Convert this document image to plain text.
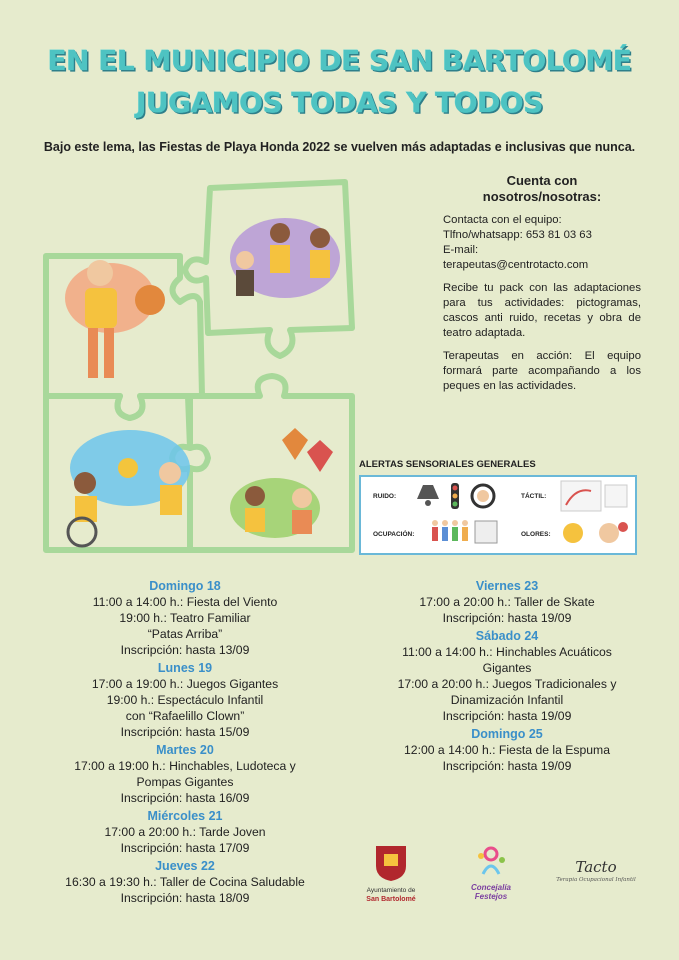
EN EL MUNICIPIO DE SAN BARTOLOMÉ
JUGAMOS TODAS Y TODOS
Bajo este lema, las Fiestas de Playa Honda 2022 se vuelven más adaptadas e inclusivas que nunca.
Cuenta con
nosotros/nosotras:

Contacta con el equipo:
Tlfno/whatsapp: 653 81 03 63
E-mail:
terapeutas@centrotacto.com

Recibe tu pack con las adaptaciones para tus actividades: pictogramas, cascos anti ruido, recetas y obra de teatro adaptada.

Terapeutas en acción: El equipo formará parte acompañando a los peques en las actividades.

ALERTAS SENSORIALES GENERALES
RUIDO:	TÁCTIL:
OCUPACIÓN:	OLORES:
Domingo 18
11:00 a 14:00 h.: Fiesta del Viento
19:00 h.: Teatro Familiar
“Patas Arriba”
Inscripción: hasta 13/09
Lunes 19
17:00 a 19:00 h.: Juegos Gigantes
19:00 h.: Espectáculo Infantil
con “Rafaelillo Clown”
Inscripción: hasta 15/09
Martes 20
17:00 a 19:00 h.: Hinchables, Ludoteca y
Pompas Gigantes
Inscripción: hasta 16/09
Miércoles 21
17:00 a 20:00 h.: Tarde Joven
Inscripción: hasta 17/09
Jueves 22
16:30 a 19:30 h.: Taller de Cocina Saludable
Inscripción: hasta 18/09
Viernes 23
17:00 a 20:00 h.: Taller de Skate
Inscripción: hasta 19/09
Sábado 24
11:00 a 14:00 h.: Hinchables Acuáticos
Gigantes
17:00 a 20:00 h.: Juegos Tradicionales y
Dinamización Infantil
Inscripción: hasta 19/09
Domingo 25
12:00 a 14:00 h.: Fiesta de la Espuma
Inscripción: hasta 19/09
Ayuntamiento de
San Bartolomé
Concejalía
Festejos
Tacto
Terapia Ocupacional Infantil
